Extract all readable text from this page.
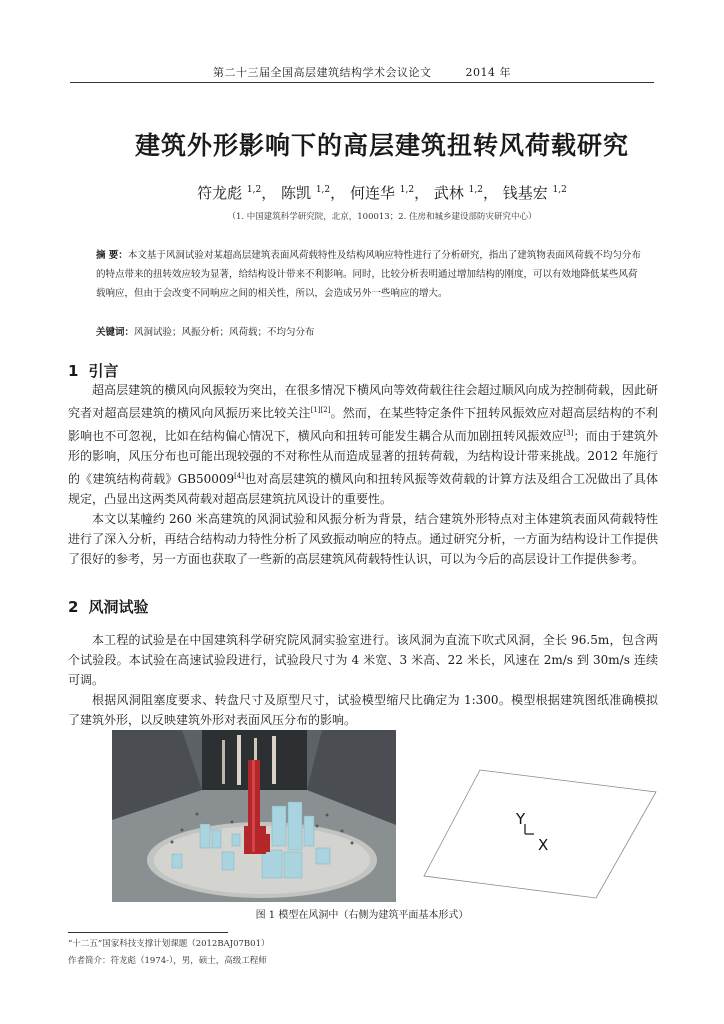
第二十三届全国高层建筑结构学术会议论文	2014 年
建筑外形影响下的高层建筑扭转风荷载研究
符龙彪 $^{1,2}$， 陈凯 $^{1,2}$， 何连华 $^{1,2}$， 武林 $^{1,2}$， 钱基宏 $^{1,2}$
（1. 中国建筑科学研究院，北京，100013；2. 住房和城乡建设部防灾研究中心）
摘 要：本文基于风洞试验对某超高层建筑表面风荷载特性及结构风响应特性进行了分析研究，指出了建筑物表面风荷载不均匀分布的特点带来的扭转效应较为显著，给结构设计带来不利影响。同时，比较分析表明通过增加结构的刚度，可以有效地降低某些风荷载响应，但由于会改变不同响应之间的相关性，所以，会造成另外一些响应的增大。
关键词：风洞试验；风振分析；风荷载；不均匀分布
1 引言

超高层建筑的横风向风振较为突出，在很多情况下横风向等效荷载往往会超过顺风向成为控制荷载，因此研究者对超高层建筑的横风向风振历来比较关注[1][2]。然而，在某些特定条件下扭转风振效应对超高层结构的不利影响也不可忽视，比如在结构偏心情况下，横风向和扭转可能发生耦合从而加剧扭转风振效应[3]；而由于建筑外形的影响，风压分布也可能出现较强的不对称性从而造成显著的扭转荷载，为结构设计带来挑战。2012 年施行的《建筑结构荷载》GB50009[4]也对高层建筑的横风向和扭转风振等效荷载的计算方法及组合工况做出了具体规定，凸显出这两类风荷载对超高层建筑抗风设计的重要性。

本文以某幢约 260 米高建筑的风洞试验和风振分析为背景，结合建筑外形特点对主体建筑表面风荷载特性进行了深入分析，再结合结构动力特性分析了风致振动响应的特点。通过研究分析，一方面为结构设计工作提供了很好的参考，另一方面也获取了一些新的高层建筑风荷载特性认识，可以为今后的高层设计工作提供参考。

2 风洞试验

本工程的试验是在中国建筑科学研究院风洞实验室进行。该风洞为直流下吹式风洞，全长 96.5m，包含两个试验段。本试验在高速试验段进行，试验段尺寸为 4 米宽、3 米高、22 米长，风速在 2m/s 到 30m/s 连续可调。

根据风洞阻塞度要求、转盘尺寸及原型尺寸，试验模型缩尺比确定为 1:300。模型根据建筑图纸准确模拟了建筑外形，以反映建筑外形对表面风压分布的影响。

Y
X
图 1 模型在风洞中（右侧为建筑平面基本形式）
“十二五”国家科技支撑计划课题（2012BAJ07B01）
作者简介：符龙彪（1974-），男，硕士，高级工程师
